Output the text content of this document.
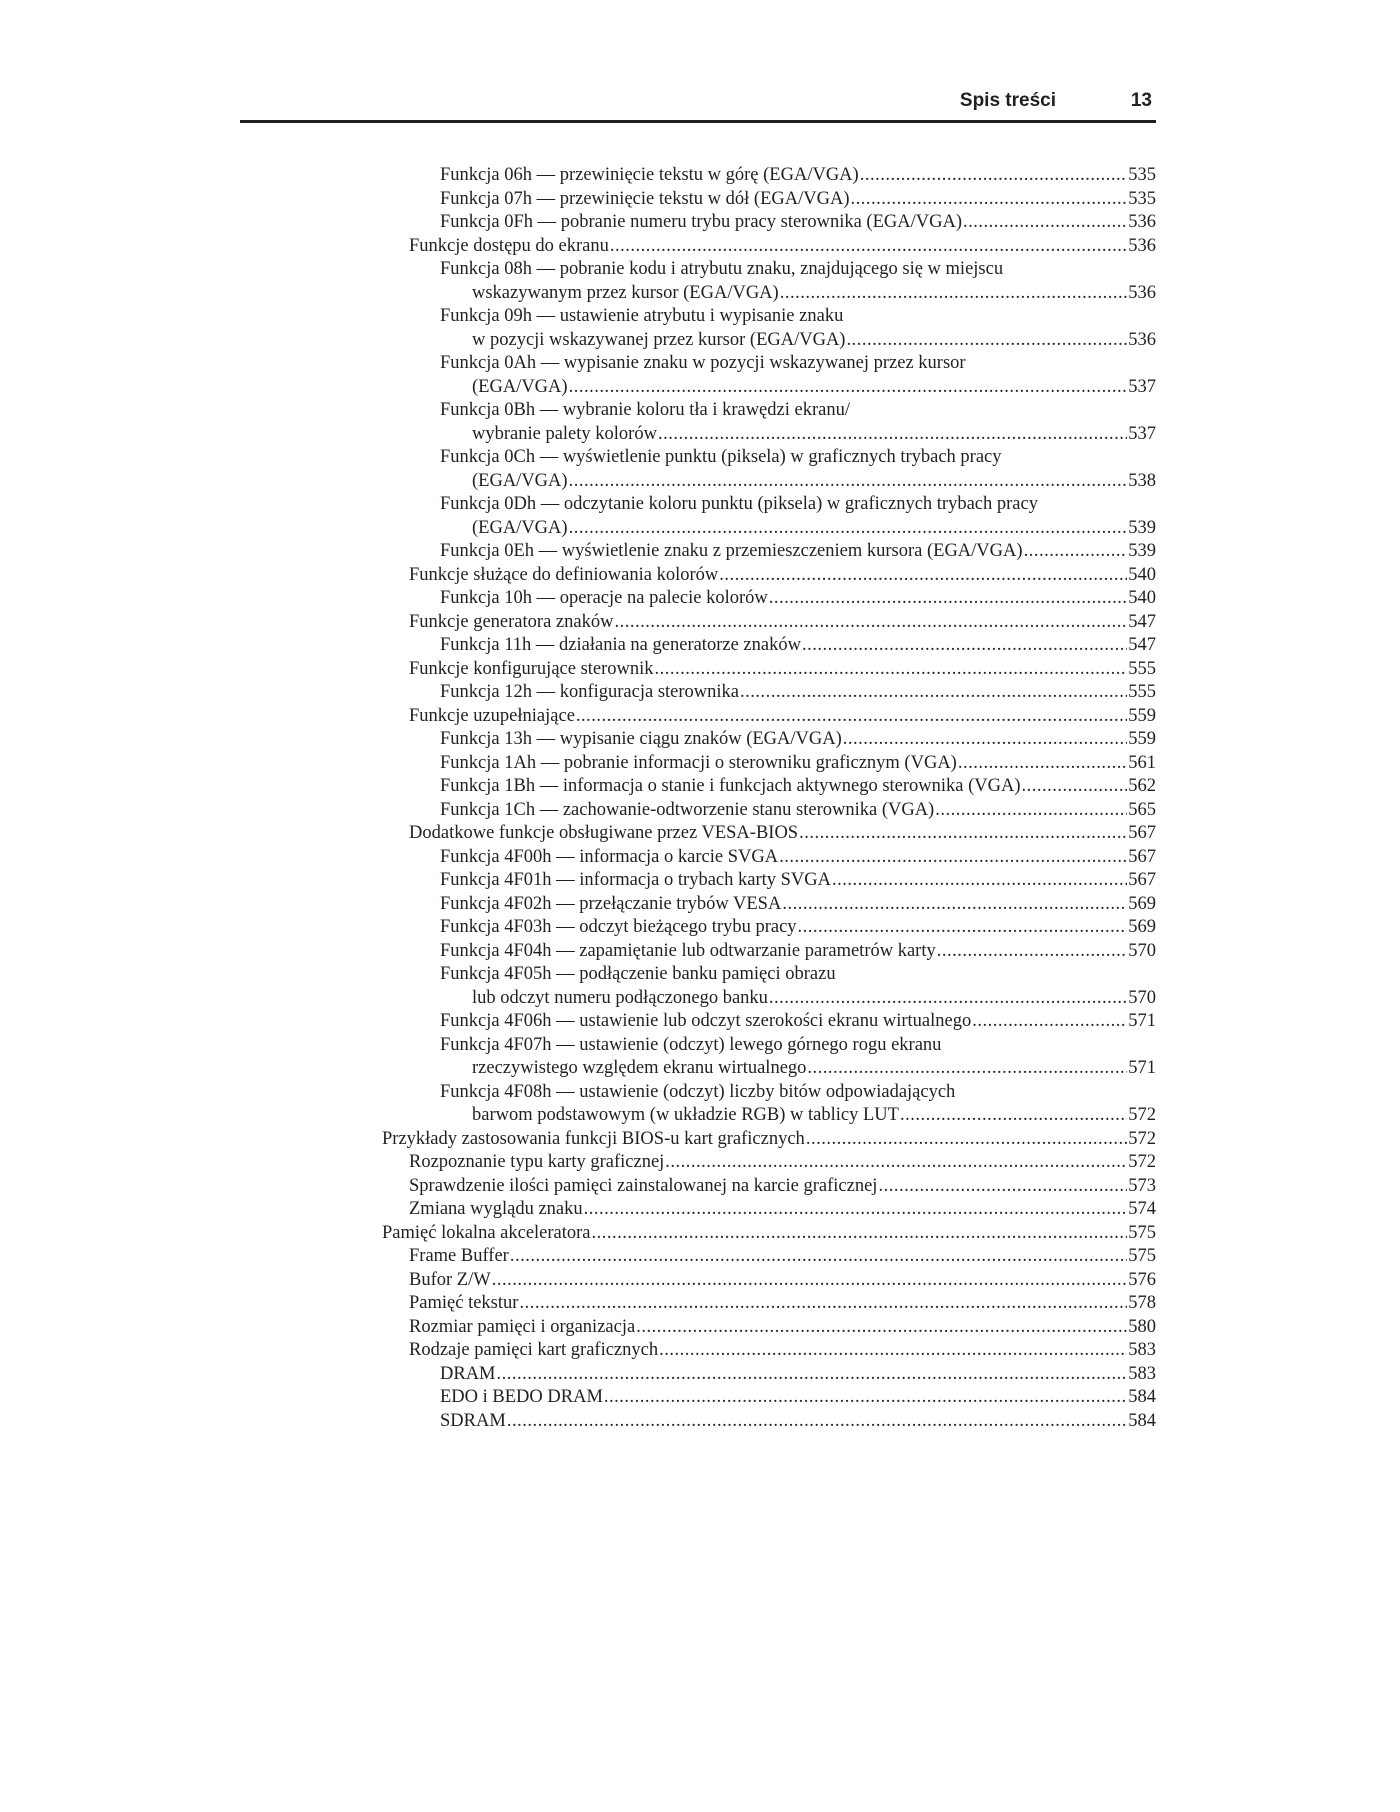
Spis treści	13
Funkcja 06h — przewinięcie tekstu w górę (EGA/VGA) .....	535
Funkcja 07h — przewinięcie tekstu w dół (EGA/VGA) .....	535
Funkcja 0Fh — pobranie numeru trybu pracy sterownika (EGA/VGA) .....	536
Funkcje dostępu do ekranu .....	536
Funkcja 08h — pobranie kodu i atrybutu znaku, znajdującego się w miejscu
wskazywanym przez kursor (EGA/VGA) .....	536
Funkcja 09h — ustawienie atrybutu i wypisanie znaku
w pozycji wskazywanej przez kursor (EGA/VGA) .....	536
Funkcja 0Ah — wypisanie znaku w pozycji wskazywanej przez kursor
(EGA/VGA) .....	537
Funkcja 0Bh — wybranie koloru tła i krawędzi ekranu/
wybranie palety kolorów .....	537
Funkcja 0Ch — wyświetlenie punktu (piksela) w graficznych trybach pracy
(EGA/VGA) .....	538
Funkcja 0Dh — odczytanie koloru punktu (piksela) w graficznych trybach pracy
(EGA/VGA) .....	539
Funkcja 0Eh — wyświetlenie znaku z przemieszczeniem kursora (EGA/VGA) .....	539
Funkcje służące do definiowania kolorów .....	540
Funkcja 10h — operacje na palecie kolorów .....	540
Funkcje generatora znaków .....	547
Funkcja 11h — działania na generatorze znaków .....	547
Funkcje konfigurujące sterownik .....	555
Funkcja 12h — konfiguracja sterownika .....	555
Funkcje uzupełniające .....	559
Funkcja 13h — wypisanie ciągu znaków (EGA/VGA) .....	559
Funkcja 1Ah — pobranie informacji o sterowniku graficznym (VGA) .....	561
Funkcja 1Bh — informacja o stanie i funkcjach aktywnego sterownika (VGA) .....	562
Funkcja 1Ch — zachowanie-odtworzenie stanu sterownika (VGA) .....	565
Dodatkowe funkcje obsługiwane przez VESA-BIOS .....	567
Funkcja 4F00h — informacja o karcie SVGA .....	567
Funkcja 4F01h — informacja o trybach karty SVGA .....	567
Funkcja 4F02h — przełączanie trybów VESA .....	569
Funkcja 4F03h — odczyt bieżącego trybu pracy .....	569
Funkcja 4F04h — zapamiętanie lub odtwarzanie parametrów karty .....	570
Funkcja 4F05h — podłączenie banku pamięci obrazu
lub odczyt numeru podłączonego banku .....	570
Funkcja 4F06h — ustawienie lub odczyt szerokości ekranu wirtualnego .....	571
Funkcja 4F07h — ustawienie (odczyt) lewego górnego rogu ekranu
rzeczywistego względem ekranu wirtualnego .....	571
Funkcja 4F08h — ustawienie (odczyt) liczby bitów odpowiadających
barwom podstawowym (w układzie RGB) w tablicy LUT .....	572
Przykłady zastosowania funkcji BIOS-u kart graficznych .....	572
Rozpoznanie typu karty graficznej .....	572
Sprawdzenie ilości pamięci zainstalowanej na karcie graficznej .....	573
Zmiana wyglądu znaku .....	574
Pamięć lokalna akceleratora .....	575
Frame Buffer .....	575
Bufor Z/W .....	576
Pamięć tekstur .....	578
Rozmiar pamięci i organizacja .....	580
Rodzaje pamięci kart graficznych .....	583
DRAM .....	583
EDO i BEDO DRAM .....	584
SDRAM .....	584
